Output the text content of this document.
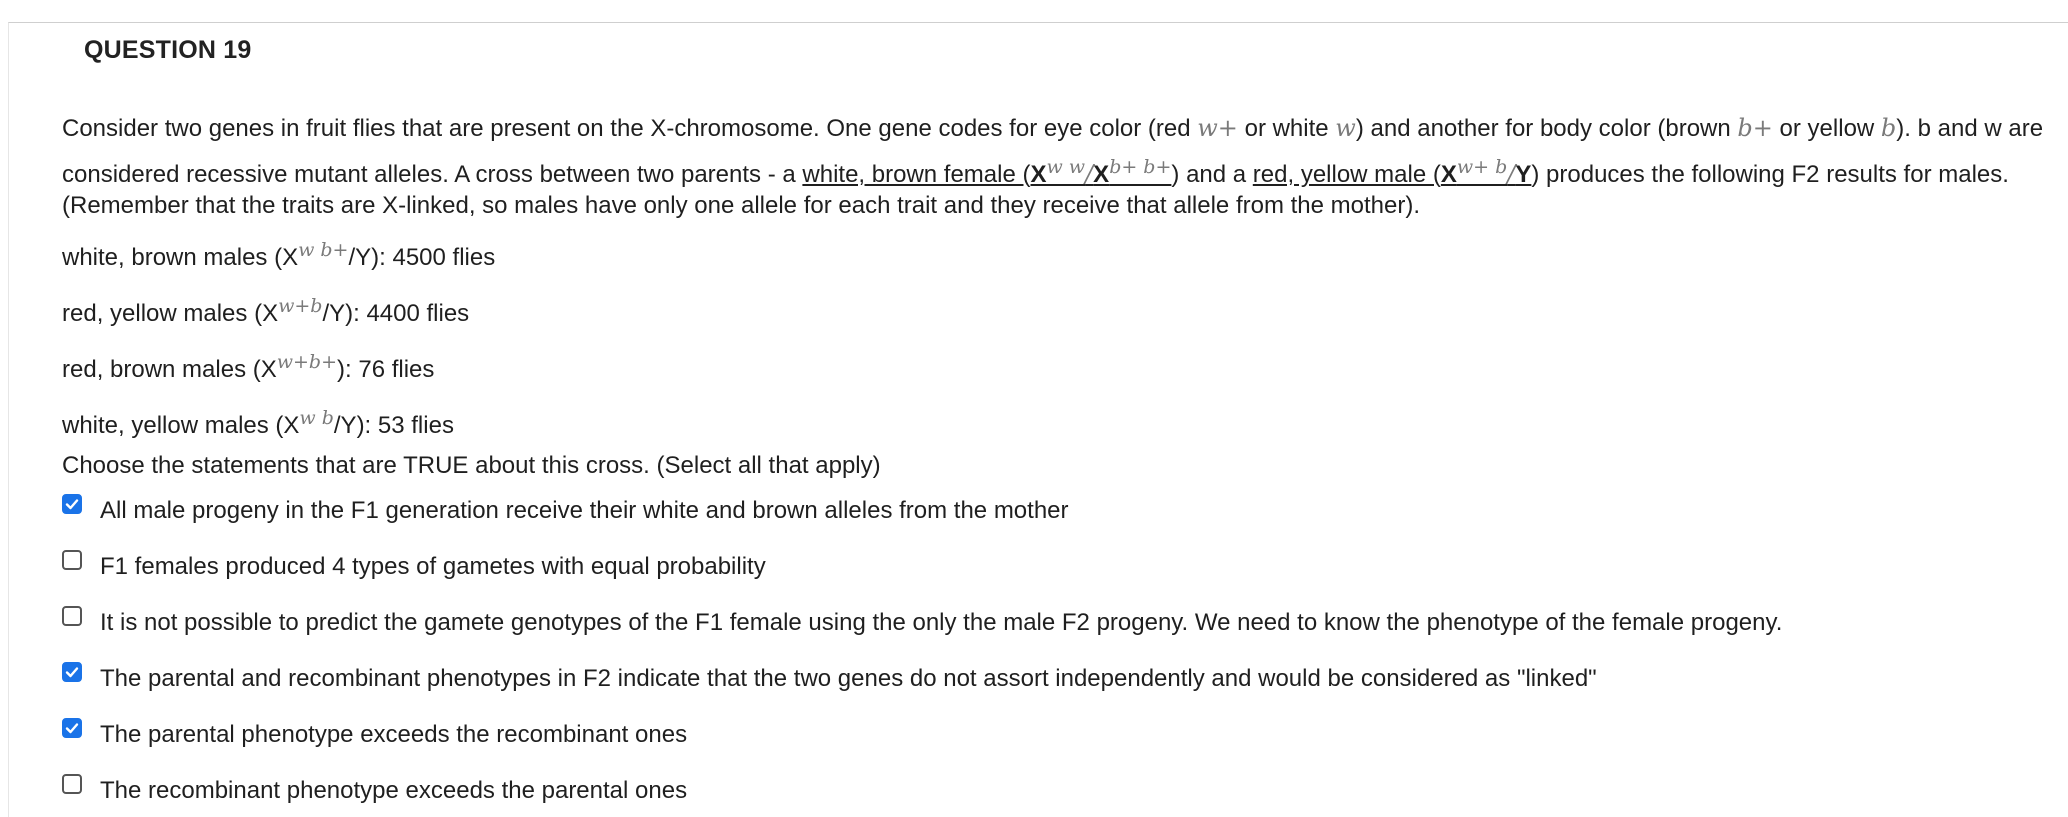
QUESTION 19
Consider two genes in fruit flies that are present on the X-chromosome. One gene codes for eye color (red w+ or white w) and another for body color (brown b+ or yellow b). b and w are
considered recessive mutant alleles. A cross between two parents - a white, brown female $(X^{w w}/X^{b+ b+})$ and a red, yellow male $(X^{w+ b}/Y)$ produces the following F2 results for males.
(Remember that the traits are X-linked, so males have only one allele for each trait and they receive that allele from the mother).
white, brown males $(X^{w b+}/Y)$: 4500 flies
red, yellow males $(X^{w+b}/Y)$: 4400 flies
red, brown males $(X^{w+b+})$: 76 flies
white, yellow males $(X^{w b}/Y)$: 53 flies
Choose the statements that are TRUE about this cross. (Select all that apply)
All male progeny in the F1 generation receive their white and brown alleles from the mother
F1 females produced 4 types of gametes with equal probability
It is not possible to predict the gamete genotypes of the F1 female using the only the male F2 progeny. We need to know the phenotype of the female progeny.
The parental and recombinant phenotypes in F2 indicate that the two genes do not assort independently and would be considered as "linked"
The parental phenotype exceeds the recombinant ones
The recombinant phenotype exceeds the parental ones
